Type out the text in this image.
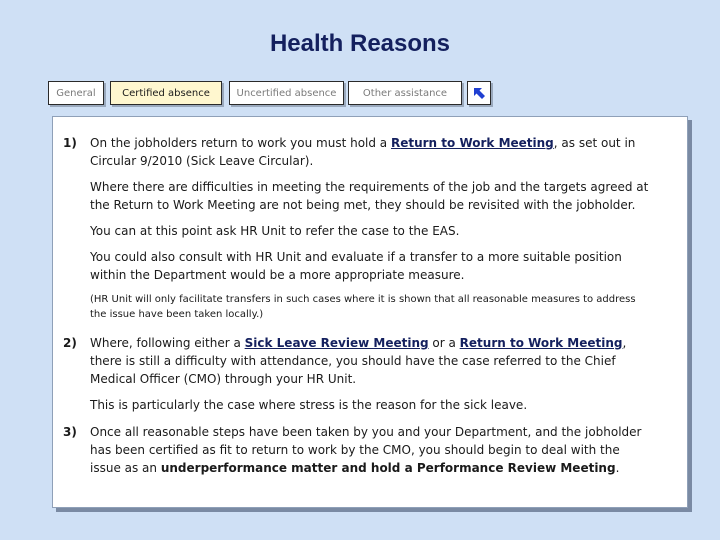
Health Reasons
General	Certified absence	Uncertified absence	Other assistance
1) On the jobholders return to work you must hold a Return to Work Meeting, as set out in Circular 9/2010 (Sick Leave Circular).

Where there are difficulties in meeting the requirements of the job and the targets agreed at the Return to Work Meeting are not being met, they should be revisited with the jobholder.

You can at this point ask HR Unit to refer the case to the EAS.

You could also consult with HR Unit and evaluate if a transfer to a more suitable position within the Department would be a more appropriate measure.

(HR Unit will only facilitate transfers in such cases where it is shown that all reasonable measures to address the issue have been taken locally.)

2) Where, following either a Sick Leave Review Meeting or a Return to Work Meeting, there is still a difficulty with attendance, you should have the case referred to the Chief Medical Officer (CMO) through your HR Unit.

This is particularly the case where stress is the reason for the sick leave.

3) Once all reasonable steps have been taken by you and your Department, and the jobholder has been certified as fit to return to work by the CMO, you should begin to deal with the issue as an underperformance matter and hold a Performance Review Meeting.
